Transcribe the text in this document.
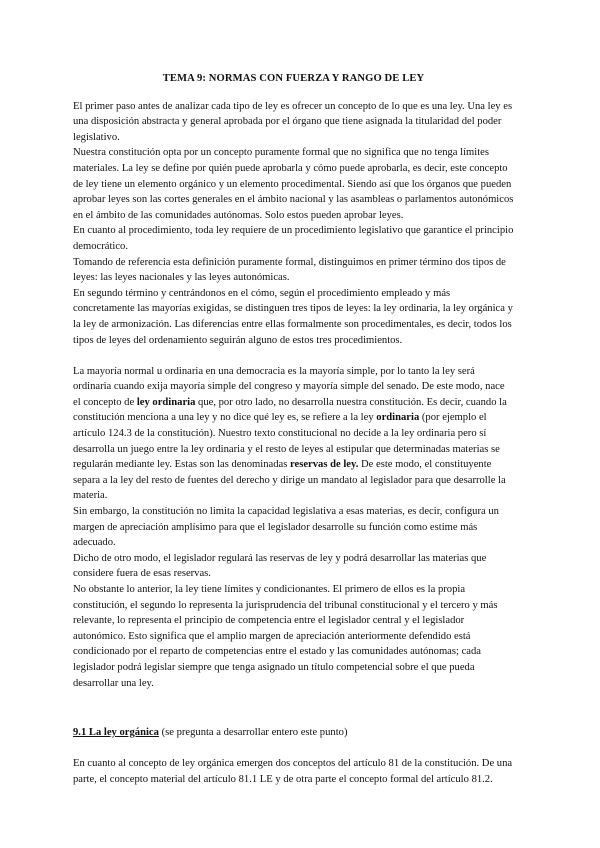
TEMA 9: NORMAS CON FUERZA Y RANGO DE LEY

El primer paso antes de analizar cada tipo de ley es ofrecer un concepto de lo que es una ley. Una ley es una disposición abstracta y general aprobada por el órgano que tiene asignada la titularidad del poder legislativo.

Nuestra constitución opta por un concepto puramente formal que no significa que no tenga límites materiales. La ley se define por quién puede aprobarla y cómo puede aprobarla, es decir, este concepto de ley tiene un elemento orgánico y un elemento procedimental. Siendo así que los órganos que pueden aprobar leyes son las cortes generales en el ámbito nacional y las asambleas o parlamentos autonómicos en el ámbito de las comunidades autónomas. Solo estos pueden aprobar leyes.

En cuanto al procedimiento, toda ley requiere de un procedimiento legislativo que garantice el principio democrático.

Tomando de referencia esta definición puramente formal, distinguimos en primer término dos tipos de leyes: las leyes nacionales y las leyes autonómicas.

En segundo término y centrándonos en el cómo, según el procedimiento empleado y más concretamente las mayorías exigidas, se distinguen tres tipos de leyes: la ley ordinaria, la ley orgánica y la ley de armonización. Las diferencias entre ellas formalmente son procedimentales, es decir, todos los tipos de leyes del ordenamiento seguirán alguno de estos tres procedimientos.

La mayoría normal u ordinaria en una democracia es la mayoría simple, por lo tanto la ley será ordinaria cuando exija mayoría simple del congreso y mayoría simple del senado. De este modo, nace el concepto de ley ordinaria que, por otro lado, no desarrolla nuestra constitución. Es decir, cuando la constitución menciona a una ley y no dice qué ley es, se refiere a la ley ordinaria (por ejemplo el artículo 124.3 de la constitución). Nuestro texto constitucional no decide a la ley ordinaria pero sí desarrolla un juego entre la ley ordinaria y el resto de leyes al estipular que determinadas materias se regularán mediante ley. Estas son las denominadas reservas de ley. De este modo, el constituyente separa a la ley del resto de fuentes del derecho y dirige un mandato al legislador para que desarrolle la materia.

Sin embargo, la constitución no limita la capacidad legislativa a esas materias, es decir, configura un margen de apreciación amplísimo para que el legislador desarrolle su función como estime más adecuado.

Dicho de otro modo, el legislador regulará las reservas de ley y podrá desarrollar las materias que considere fuera de esas reservas.

No obstante lo anterior, la ley tiene límites y condicionantes. El primero de ellos es la propia constitución, el segundo lo representa la jurisprudencia del tribunal constitucional y el tercero y más relevante, lo representa el principio de competencia entre el legislador central y el legislador autonómico. Esto significa que el amplio margen de apreciación anteriormente defendido está condicionado por el reparto de competencias entre el estado y las comunidades autónomas; cada legislador podrá legislar siempre que tenga asignado un título competencial sobre el que pueda desarrollar una ley.

9.1 La ley orgánica (se pregunta a desarrollar entero este punto)

En cuanto al concepto de ley orgánica emergen dos conceptos del artículo 81 de la constitución. De una parte, el concepto material del artículo 81.1 LE y de otra parte el concepto formal del artículo 81.2.
